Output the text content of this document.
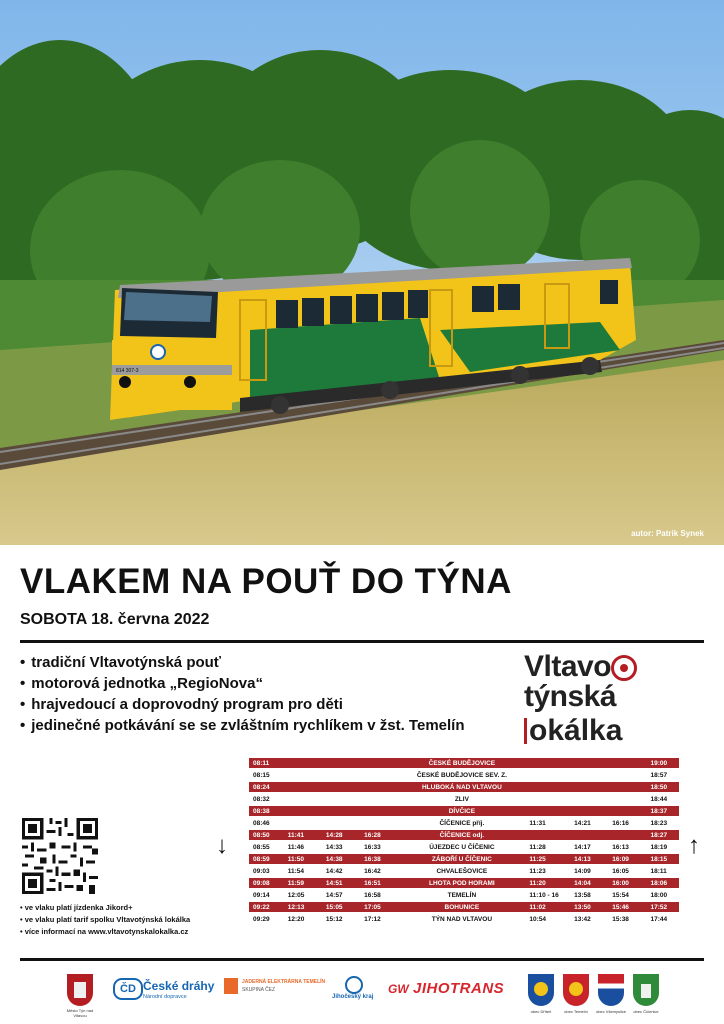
814 307-3
autor: Patrik Synek
VLAKEM NA POUŤ DO TÝNA
SOBOTA 18. června 2022
• tradiční Vltavotýnská pouť
• motorová jednotka „RegioNova“
• hrajvedoucí a doprovodný program pro děti
• jedinečné potkávání se se zvláštním rychlíkem v žst. Temelín
Vltavotýnská
okálka
↓	↑
08:11				ČESKÉ BUDĚJOVICE				19:00
08:15				ČESKÉ BUDĚJOVICE SEV. Z.				18:57
08:24				HLUBOKÁ NAD VLTAVOU				18:50
08:32				ZLIV				18:44
08:38				DÍVČICE				18:37
08:46				ČÍČENICE příj.	11:31	14:21	16:16	18:23
08:50	11:41	14:28	16:28	ČÍČENICE odj.				18:27
08:55	11:46	14:33	16:33	ÚJEZDEC U ČÍČENIC	11:28	14:17	16:13	18:19
08:59	11:50	14:38	16:38	ZÁBOŘÍ U ČÍČENIC	11:25	14:13	16:09	18:15
09:03	11:54	14:42	16:42	CHVALEŠOVICE	11:23	14:09	16:05	18:11
09:08	11:59	14:51	16:51	LHOTA POD HORAMI	11:20	14:04	16:00	18:06
09:14	12:05	14:57	16:58	TEMELÍN	11:10 - 16	13:58	15:54	18:00
09:22	12:13	15:05	17:05	BOHUNICE	11:02	13:50	15:46	17:52
09:29	12:20	15:12	17:12	TÝN NAD VLTAVOU	10:54	13:42	15:38	17:44
• ve vlaku platí jízdenka Jikord+
• ve vlaku platí tarif spolku Vltavotýnská lokálka
• více informací na www.vltavotynskalokalka.cz
Město Týn nad Vltavou
ČD České dráhy
Národní dopravce
JADERNÁ ELEKTRÁRNA TEMELÍN
SKUPINA ČEZ
Jihočeský kraj
GW JIHOTRANS
obec Dříteň	obec Temelín	obec Všemyslice	obec Číčenice
